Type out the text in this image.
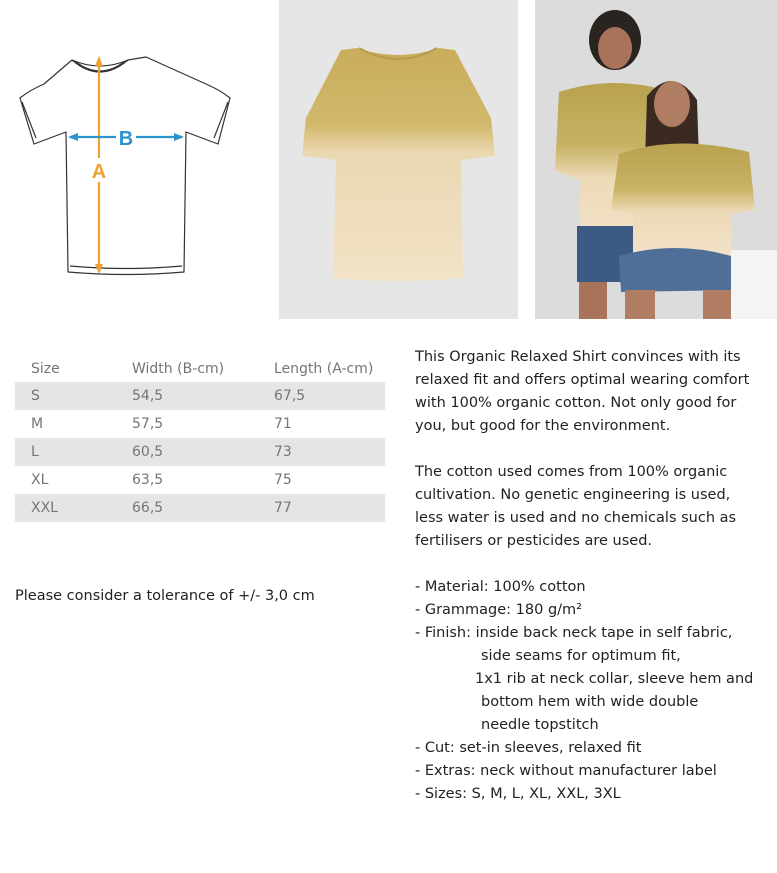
A
B
Size	Width (B-cm)	Length (A-cm)
S	54,5	67,5
M	57,5	71
L	60,5	73
XL	63,5	75
XXL	66,5	77
Please consider a tolerance of +/- 3,0 cm

This Organic Relaxed Shirt convinces with its
relaxed fit and offers optimal wearing comfort
with 100% organic cotton. Not only good for
you, but good for the environment.

The cotton used comes from 100% organic
cultivation. No genetic engineering is used,
less water is used and no chemicals such as
fertilisers or pesticides are used.

- Material: 100% cotton
- Grammage: 180 g/m²
- Finish: inside back neck tape in self fabric,
side seams for optimum fit,
1x1 rib at neck collar, sleeve hem and
bottom hem with wide double
needle topstitch
- Cut: set-in sleeves, relaxed fit
- Extras: neck without manufacturer label
- Sizes: S, M, L, XL, XXL, 3XL
